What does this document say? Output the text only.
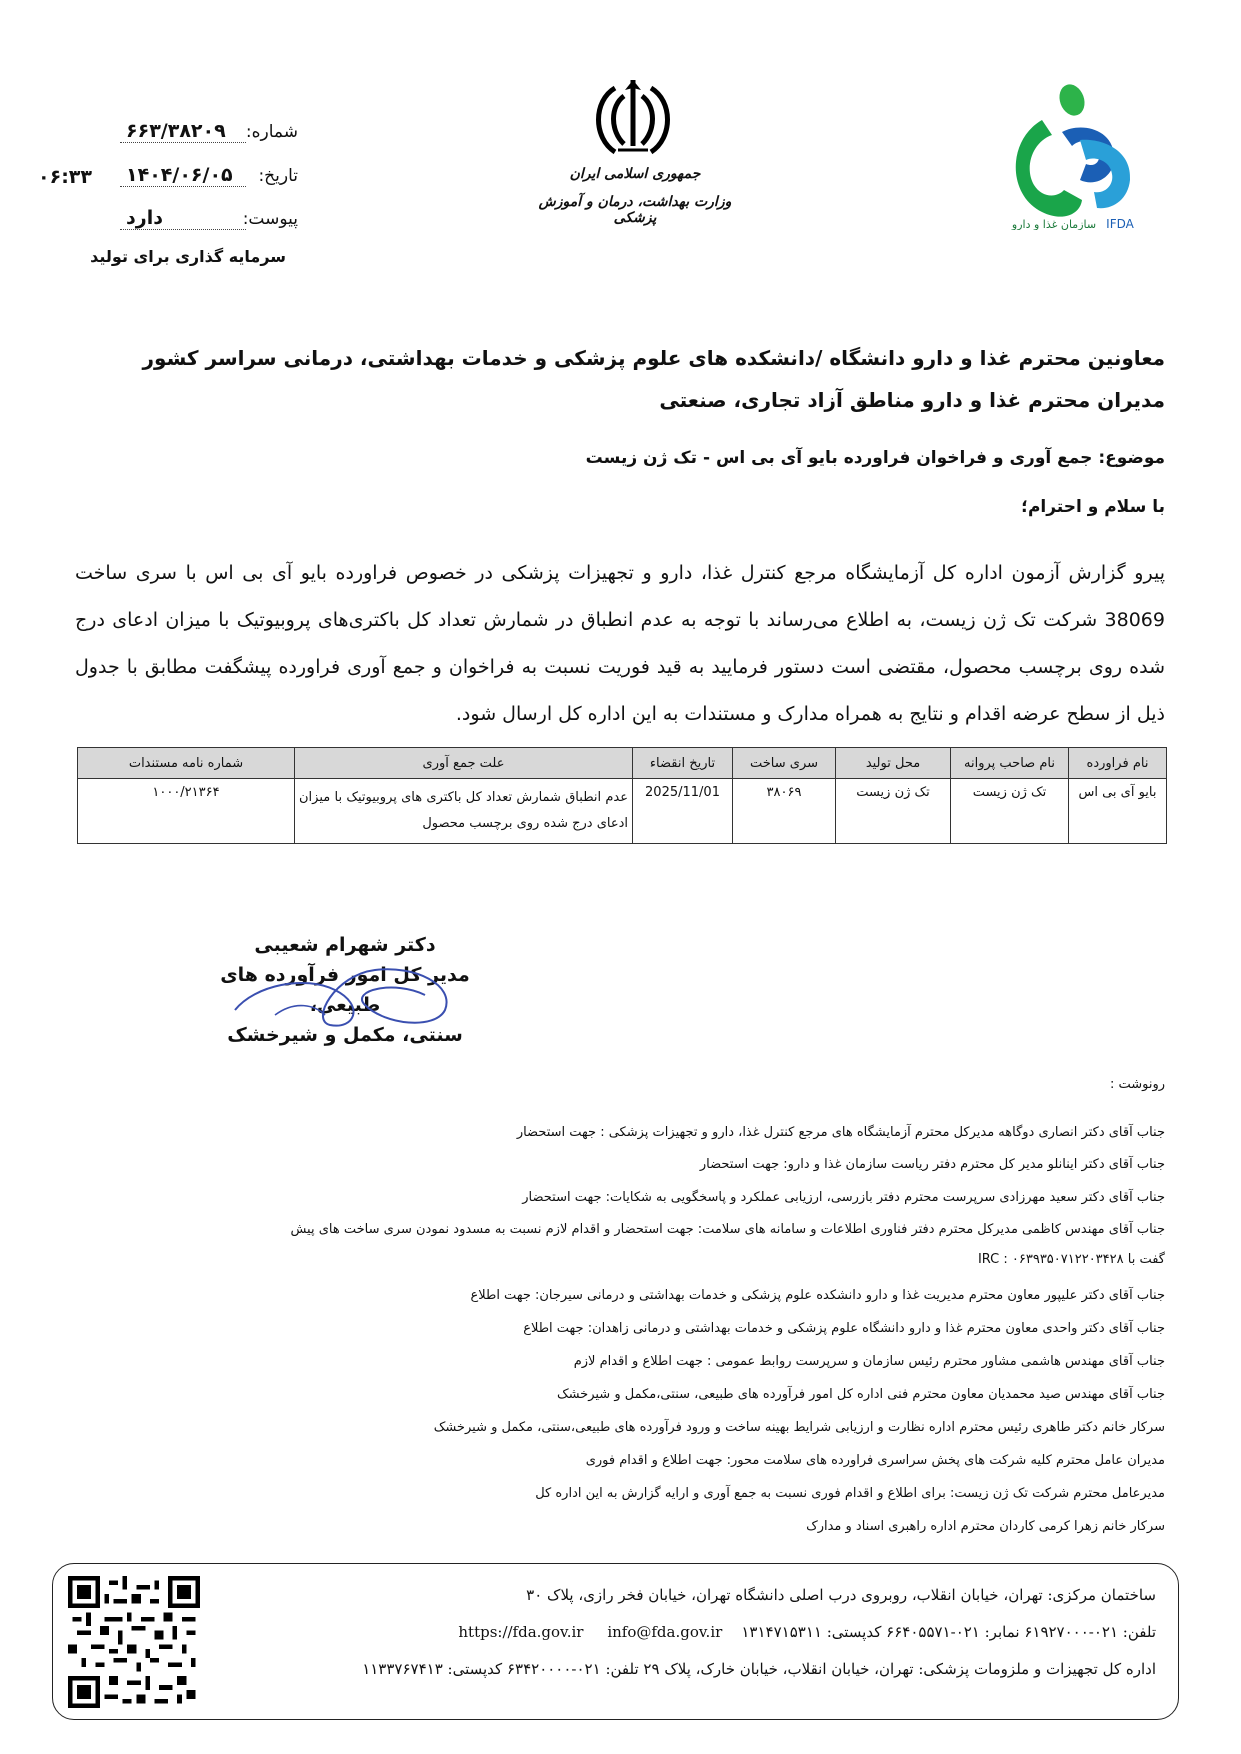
شماره:۶۶۳/۳۸۲۰۹
تاریخ:۱۴۰۴/۰۶/۰۵
۰۶:۳۳
پیوست:دارد
سرمایه گذاری برای تولید
جمهوری اسلامی ایران
وزارت بهداشت، درمان و آموزش پزشکی	سازمان غذا و دارو IFDA
معاونین محترم غذا و دارو دانشگاه /دانشکده های علوم پزشکی و خدمات بهداشتی، درمانی سراسر کشور
مدیران محترم غذا و دارو مناطق آزاد تجاری، صنعتی
موضوع: جمع آوری و فراخوان فراورده بایو آی بی اس - تک ژن زیست
با سلام و احترام؛
پیرو گزارش آزمون اداره کل آزمایشگاه مرجع کنترل غذا، دارو و تجهیزات پزشکی در خصوص فراورده بایو آی بی اس با سری ساخت 38069 شرکت تک ژن زیست، به اطلاع می‌رساند با توجه به عدم انطباق در شمارش تعداد کل باکتری‌های پروبیوتیک با میزان ادعای درج شده روی برچسب محصول، مقتضی است دستور فرمایید به قید فوریت نسبت به فراخوان و جمع آوری فراورده پیشگفت مطابق با جدول ذیل از سطح عرضه اقدام و نتایج به همراه مدارک و مستندات به این اداره کل ارسال شود.
نام فراورده	نام صاحب پروانه	محل تولید	سری ساخت	تاریخ انقضاء	علت جمع آوری	شماره نامه مستندات
بایو آی بی اس	تک ژن زیست	تک ژن زیست	۳۸۰۶۹	2025/11/01	عدم انطباق شمارش تعداد کل باکتری های پروبیوتیک با میزان ادعای درج شده روی برچسب محصول	۱۰۰۰/۲۱۳۶۴
دکتر شهرام شعیبی
مدیر کل امور فرآورده های طبیعی،
سنتی، مکمل و شیرخشک
رونوشت :
جناب آقای دکتر انصاری دوگاهه مدیرکل محترم آزمایشگاه های مرجع کنترل غذا، دارو و تجهیزات پزشکی : جهت استحضار
جناب آقای دکتر اینانلو مدیر کل محترم دفتر ریاست سازمان غذا و دارو: جهت استحضار
جناب آقای دکتر سعید مهرزادی سرپرست محترم دفتر بازرسی، ارزیابی عملکرد و پاسخگویی به شکایات: جهت استحضار
جناب آقای مهندس کاظمی مدیرکل محترم دفتر فناوری اطلاعات و سامانه های سلامت: جهت استحضار و اقدام لازم نسبت به مسدود نمودن سری ساخت های پیش
گفت با IRC : ۰۶۳۹۳۵۰۷۱۲۲۰۳۴۲۸
جناب آقای دکتر علیپور معاون محترم مدیریت غذا و دارو دانشکده علوم پزشکی و خدمات بهداشتی و درمانی سیرجان: جهت اطلاع
جناب آقای دکتر واحدی معاون محترم غذا و دارو دانشگاه علوم پزشکی و خدمات بهداشتی و درمانی زاهدان: جهت اطلاع
جناب آقای مهندس هاشمی مشاور محترم رئیس سازمان و سرپرست روابط عمومی : جهت اطلاع و اقدام لازم
جناب آقای مهندس صید محمدیان معاون محترم فنی اداره کل امور فرآورده های طبیعی، سنتی،مکمل و شیرخشک
سرکار خانم دکتر طاهری رئیس محترم اداره نظارت و ارزیابی شرایط بهینه ساخت و ورود فرآورده های طبیعی،سنتی، مکمل و شیرخشک
مدیران عامل محترم کلیه شرکت های پخش سراسری فراورده های سلامت محور: جهت اطلاع و اقدام فوری
مدیرعامل محترم شرکت تک ژن زیست: برای اطلاع و اقدام فوری نسبت به جمع آوری و ارایه گزارش به این اداره کل
سرکار خانم زهرا کرمی کاردان محترم اداره راهبری اسناد و مدارک
ساختمان مرکزی: تهران، خیابان انقلاب، روبروی درب اصلی دانشگاه تهران، خیابان فخر رازی، پلاک ۳۰
تلفن: ۰۲۱-۶۱۹۲۷۰۰۰ نمابر: ۰۲۱-۶۶۴۰۵۵۷۱ کدپستی: ۱۳۱۴۷۱۵۳۱۱    info@fda.gov.ir     https://fda.gov.ir
اداره کل تجهیزات و ملزومات پزشکی: تهران، خیابان انقلاب، خیابان خارک، پلاک ۲۹ تلفن: ۰۲۱-۶۳۴۲۰۰۰۰ کدپستی: ۱۱۳۳۷۶۷۴۱۳
